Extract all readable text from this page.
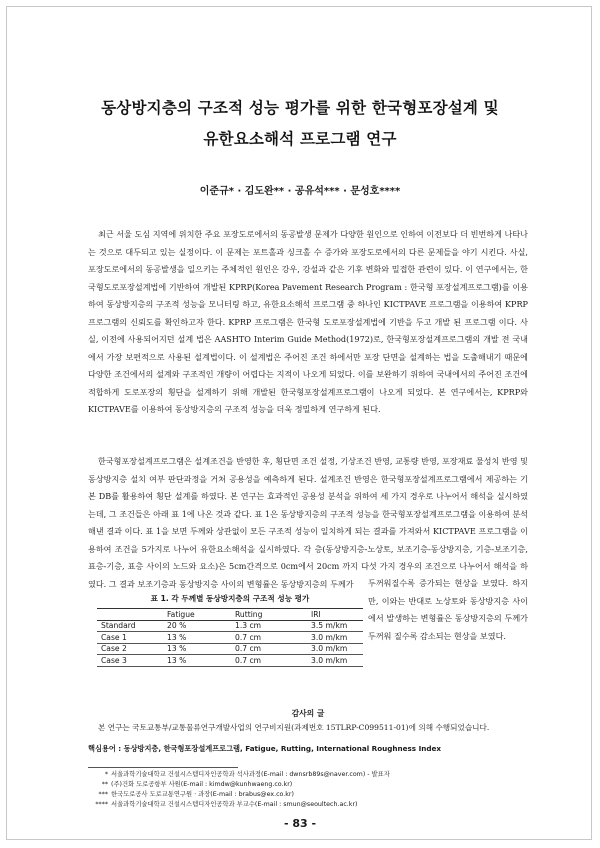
동상방지층의 구조적 성능 평가를 위한 한국형포장설계 및
유한요소해석 프로그램 연구
이준규* · 김도완** · 공유석*** · 문성호****

최근 서울 도심 지역에 위치한 주요 포장도로에서의 동공발생 문제가 다양한 원인으로 인하여 이전보다 더 빈번하게 나타나는 것으로 대두되고 있는 실정이다. 이 문제는 포트홀과 싱크홀 수 증가와 포장도로에서의 다른 문제들을 야기 시킨다. 사실, 포장도로에서의 동공발생을 일으키는 주체적인 원인은 강우, 강설과 같은 기후 변화와 밀접한 관련이 있다. 이 연구에서는, 한국형도로포장설계법에 기반하여 개발된 KPRP(Korea Pavement Research Program : 한국형 포장설계프로그램)를 이용하여 동상방지층의 구조적 성능을 모니터링 하고, 유한요소해석 프로그램 중 하나인 KICTPAVE 프로그램을 이용하여 KPRP프로그램의 신뢰도를 확인하고자 한다. KPRP 프로그램은 한국형 도로포장설계법에 기반을 두고 개발 된 프로그램 이다. 사실, 이전에 사용되어지던 설계 법은 AASHTO Interim Guide Method(1972)로, 한국형포장설계프로그램의 개발 전 국내에서 가장 보편적으로 사용된 설계법이다. 이 설계법은 주어진 조건 하에서만 포장 단면을 설계하는 법을 도출해내기 때문에 다양한 조건에서의 설계와 구조적인 개량이 어렵다는 지적이 나오게 되었다. 이를 보완하기 위하여 국내에서의 주어진 조건에 적합하게 도로포장의 횡단을 설계하기 위해 개발된 한국형포장설계프로그램이 나오게 되었다. 본 연구에서는, KPRP와 KICTPAVE를 이용하여 동상방지층의 구조적 성능을 더욱 정밀하게 연구하게 된다.

한국형포장설계프로그램은 설계조건을 반영한 후, 횡단면 조건 설정, 기상조건 반영, 교통량 반영, 포장재료 물성치 반영 및 동상방지층 설치 여부 판단과정을 거쳐 공용성을 예측하게 된다. 설계조건 반영은 한국형포장설계프로그램에서 제공하는 기본 DB를 활용하여 횡단 설계를 하였다. 본 연구는 효과적인 공용성 분석을 위하여 세 가지 경우로 나누어서 해석을 실시하였는데, 그 조건들은 아래 표 1에 나온 것과 같다. 표 1은 동상방지층의 구조적 성능을 한국형포장설계프로그램을 이용하여 분석해낸 결과 이다. 표 1을 보면 두께와 상관없이 모든 구조적 성능이 일치하게 되는 결과를 가져와서 KICTPAVE 프로그램을 이용하여 조건을 5가지로 나누어 유한요소해석을 실시하였다. 각 층(동상방지층-노상토, 보조기층-동상방지층, 기층-보조기층, 표층-기층, 표층 사이의 노드와 요소)은 5cm간격으로 0cm에서 20cm 까지 다섯 가지 경우의 조건으로 나누어서 해석을 하였다. 그 결과 보조기층과 동상방지층 사이의 변형률은 동상방지층의 두께가	두꺼워질수록 증가되는 현상을 보였다. 하지만, 이와는 반대로 노상토와 동상방지층 사이에서 발생하는 변형률은 동상방지층의 두께가 두꺼워 질수록 감소되는 현상을 보였다.
표 1. 각 두께별 동상방지층의 구조적 성능 평가
	Fatigue	Rutting	IRI
Standard	20 %	1.3 cm	3.5 m/km
Case 1	13 %	0.7 cm	3.0 m/km
Case 2	13 %	0.7 cm	3.0 m/km
Case 3	13 %	0.7 cm	3.0 m/km
감사의 글
본 연구는 국토교통부/교통물류연구개발사업의 연구비지원(과제번호 15TLRP-C099511-01)에 의해 수행되었습니다.
핵심용어 : 동상방지층, 한국형포장설계프로그램, Fatigue, Rutting, International Roughness Index
* 서울과학기술대학교 건설시스템디자인공학과 석사과정(E-mail : dwnsrb89s@naver.com) - 발표자
** (주)건화 도로공항부 사원(E-mail : kimdw@kunhwaeng.co.kr)
*** 한국도로공사 도로교통연구원 · 과장(E-mail : brabus@ex.co.kr)
**** 서울과학기술대학교 건설시스템디자인공학과 부교수(E-mail : smun@seoultech.ac.kr)
- 83 -
